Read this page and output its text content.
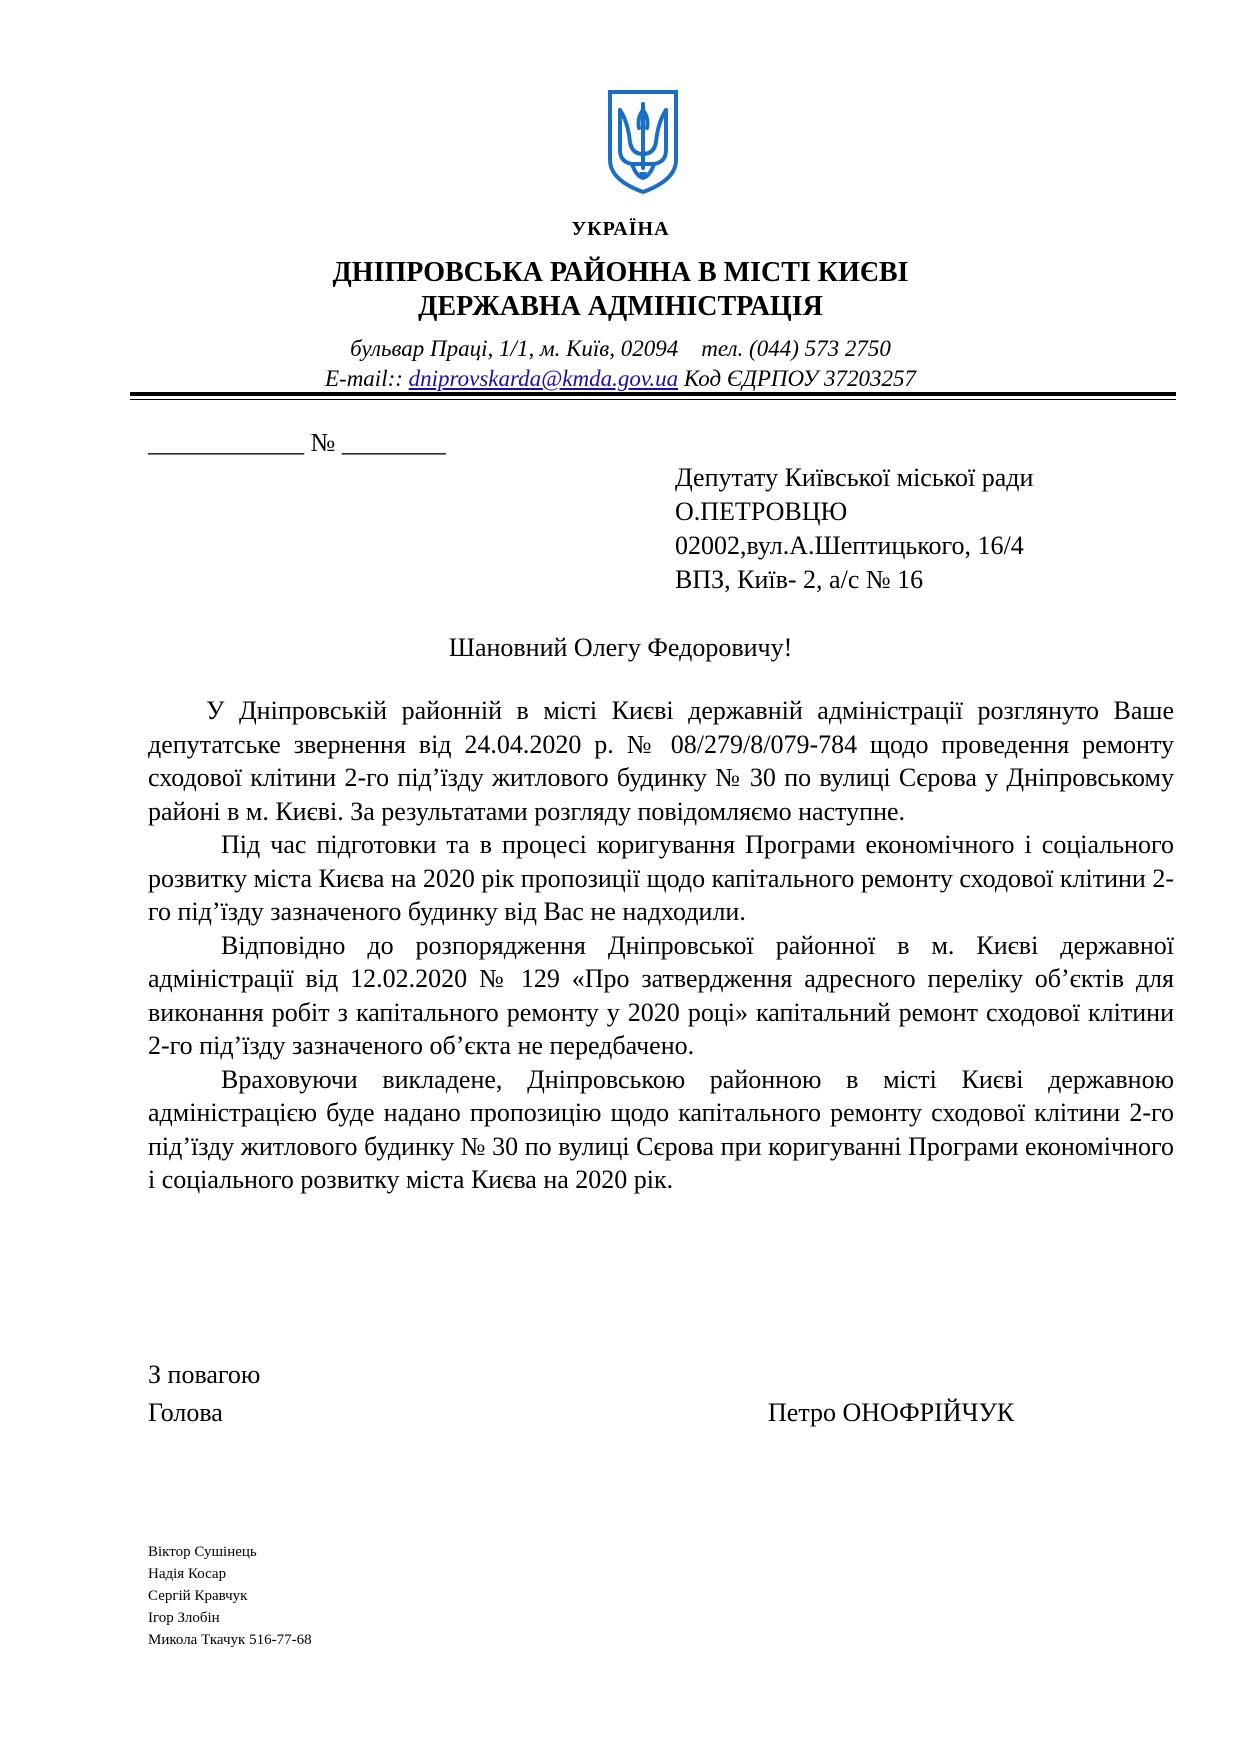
УКРАЇНА
ДНІПРОВСЬКА РАЙОННА В МІСТІ КИЄВІ
ДЕРЖАВНА АДМІНІСТРАЦІЯ
бульвар Праці, 1/1, м. Київ, 02094 тел. (044) 573 2750
E-mail:: dniprovskarda@kmda.gov.ua Код ЄДРПОУ 37203257
____________ № ________
Депутату Київської міської ради
О.ПЕТРОВЦЮ
02002,вул.А.Шептицького, 16/4
ВПЗ, Київ- 2, а/с № 16
Шановний Олегу Федоровичу!

У Дніпровській районній в місті Києві державній адміністрації розглянуто Ваше депутатське звернення від 24.04.2020 р. № 08/279/8/079-784 щодо проведення ремонту сходової клітини 2-го під’їзду житлового будинку № 30 по вулиці Сєрова у Дніпровському районі в м. Києві. За результатами розгляду повідомляємо наступне.

Під час підготовки та в процесі коригування Програми економічного і соціального розвитку міста Києва на 2020 рік пропозиції щодо капітального ремонту сходової клітини 2-го під’їзду зазначеного будинку від Вас не надходили.

Відповідно до розпорядження Дніпровської районної в м. Києві державної адміністрації від 12.02.2020 № 129 «Про затвердження адресного переліку об’єктів для виконання робіт з капітального ремонту у 2020 році» капітальний ремонт сходової клітини 2-го під’їзду зазначеного об’єкта не передбачено.

Враховуючи викладене, Дніпровською районною в місті Києві державною адміністрацією буде надано пропозицію щодо капітального ремонту сходової клітини 2-го під’їзду житлового будинку № 30 по вулиці Сєрова при коригуванні Програми економічного і соціального розвитку міста Києва на 2020 рік.

З повагою
Голова	Петро ОНОФРІЙЧУК
Віктор Сушінець
Надія Косар
Сергій Кравчук
Ігор Злобін
Микола Ткачук 516-77-68
